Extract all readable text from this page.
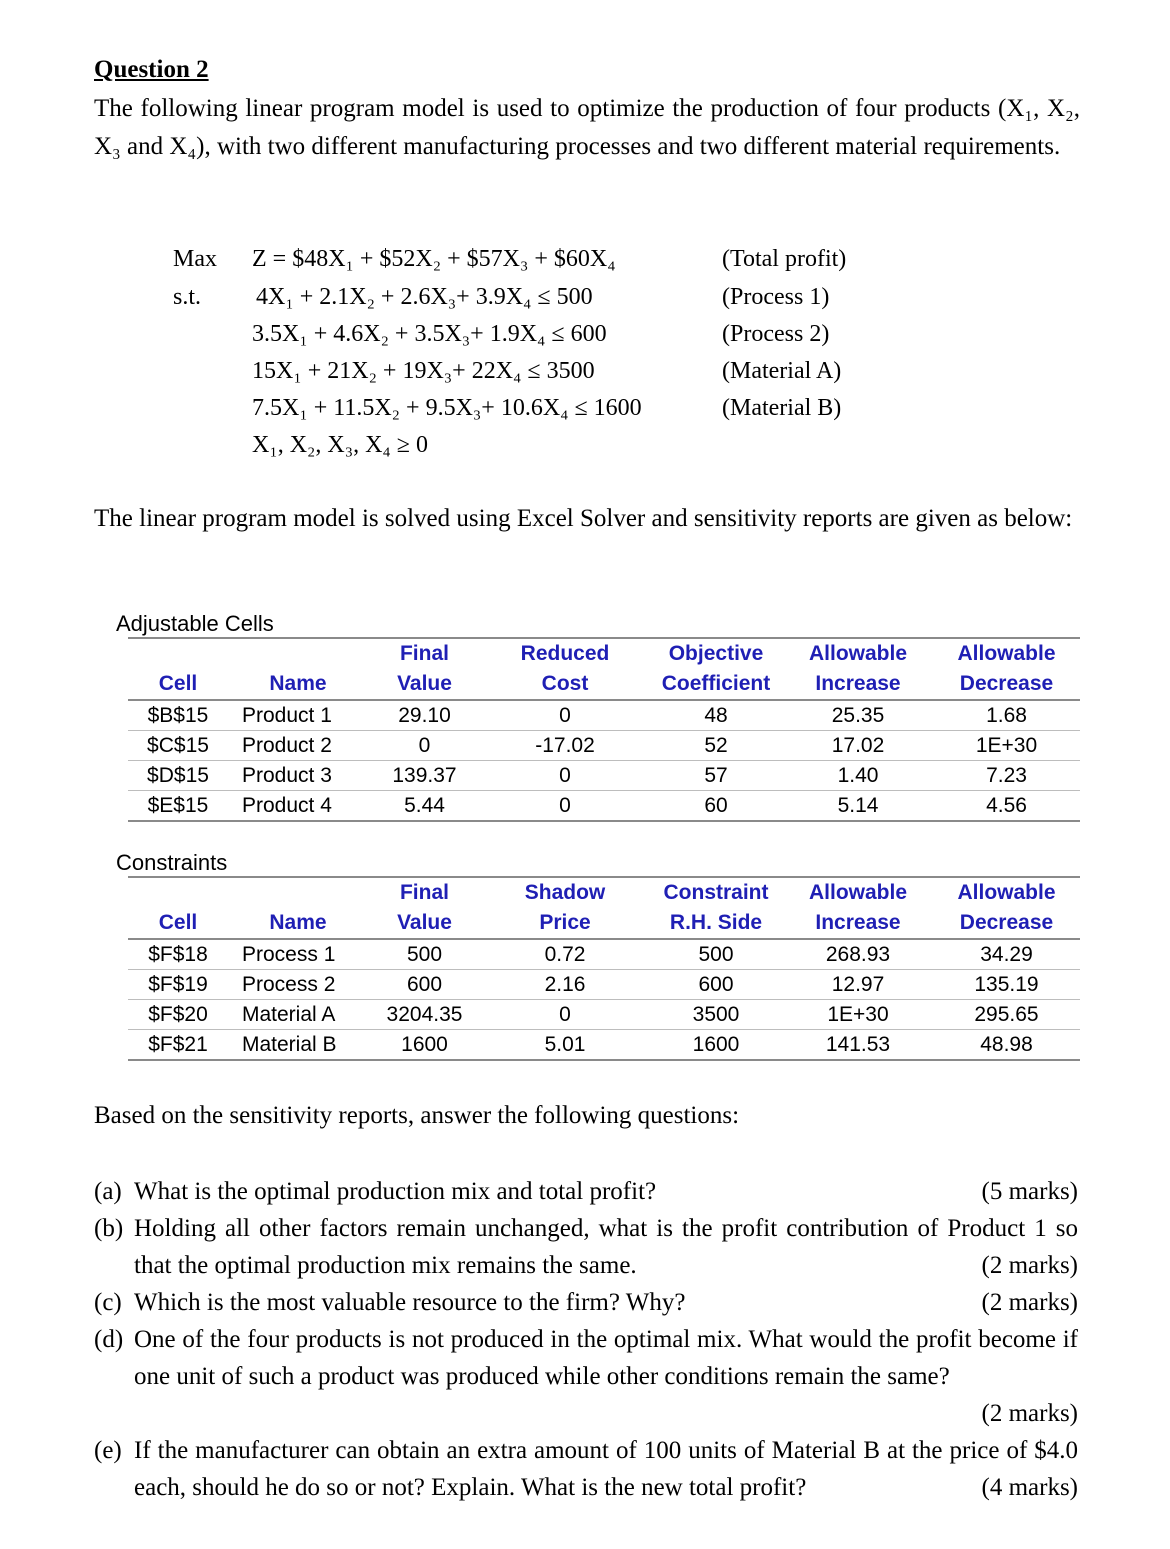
Question 2
The following linear program model is used to optimize the production of four products (X₁, X₂, X₃ and X₄), with two different manufacturing processes and two different material requirements.
Max Z = $48X₁ + $52X₂ + $57X₃ + $60X₄	(Total profit)
s.t. 4X₁ + 2.1X₂ + 2.6X₃+ 3.9X₄ ≤ 500	(Process 1)
3.5X₁ + 4.6X₂ + 3.5X₃+ 1.9X₄ ≤ 600	(Process 2)
15X₁ + 21X₂ + 19X₃+ 22X₄ ≤ 3500	(Material A)
7.5X₁ + 11.5X₂ + 9.5X₃+ 10.6X₄ ≤ 1600	(Material B)
X₁, X₂, X₃, X₄ ≥ 0
The linear program model is solved using Excel Solver and sensitivity reports are given as below:
Adjustable Cells
		Final	Reduced	Objective	Allowable	Allowable
Cell	Name	Value	Cost	Coefficient	Increase	Decrease
$B$15	Product 1	29.10	0	48	25.35	1.68
$C$15	Product 2	0	-17.02	52	17.02	1E+30
$D$15	Product 3	139.37	0	57	1.40	7.23
$E$15	Product 4	5.44	0	60	5.14	4.56
Constraints
		Final	Shadow	Constraint	Allowable	Allowable
Cell	Name	Value	Price	R.H. Side	Increase	Decrease
$F$18	Process 1	500	0.72	500	268.93	34.29
$F$19	Process 2	600	2.16	600	12.97	135.19
$F$20	Material A	3204.35	0	3500	1E+30	295.65
$F$21	Material B	1600	5.01	1600	141.53	48.98
Based on the sensitivity reports, answer the following questions:
(a)	(5 marks)
What is the optimal production mix and total profit?
(b) Holding all other factors remain unchanged, what is the profit contribution of Product 1 so that the optimal production mix remains the same.	(2 marks)
(c)	(2 marks)
Which is the most valuable resource to the firm? Why?
(d) One of the four products is not produced in the optimal mix. What would the profit become if one unit of such a product was produced while other conditions remain the same?
(2 marks)
(e) If the manufacturer can obtain an extra amount of 100 units of Material B at the price of $4.0 each, should he do so or not? Explain. What is the new total profit?	(4 marks)
